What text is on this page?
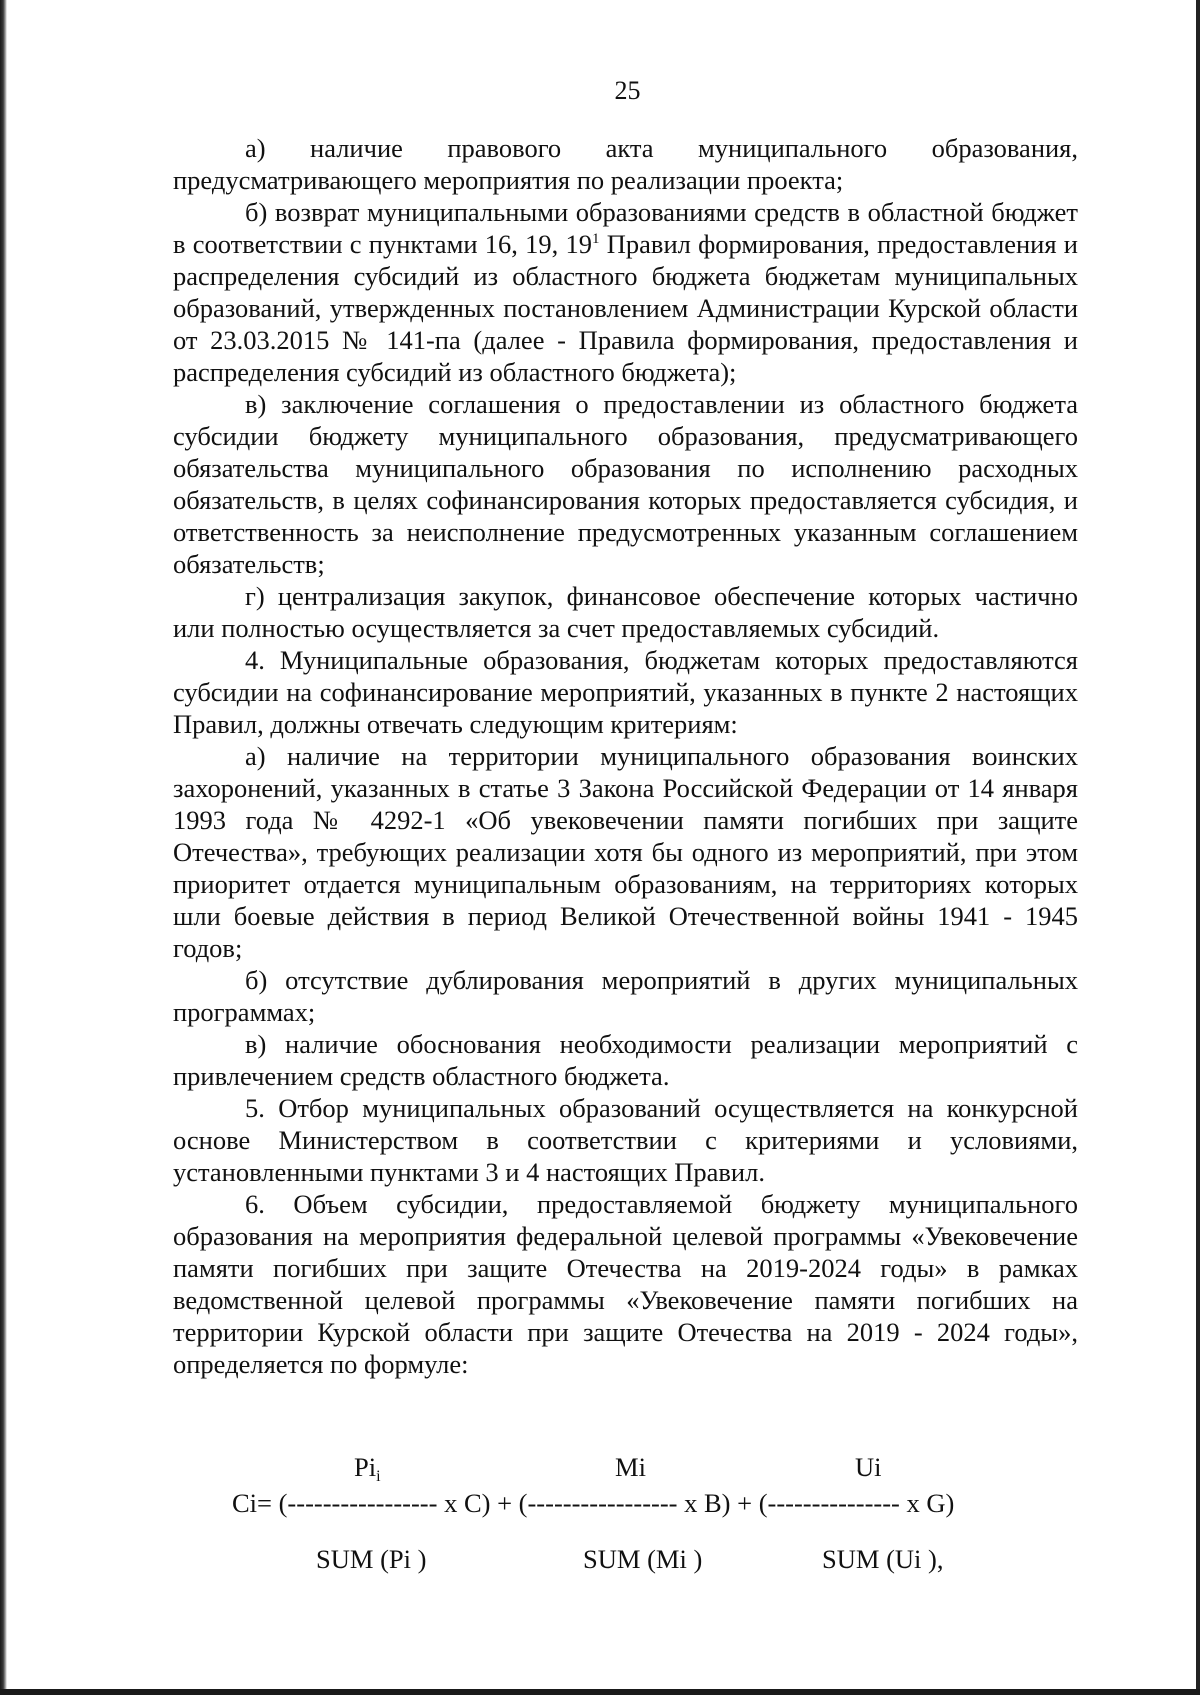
25

а) наличие правового акта муниципального образования, предусматривающего мероприятия по реализации проекта;

б) возврат муниципальными образованиями средств в областной бюджет в соответствии с пунктами 16, 19, $19^1$ Правил формирования, предоставления и распределения субсидий из областного бюджета бюджетам муниципальных образований, утвержденных постановлением Администрации Курской области от 23.03.2015 № 141-па (далее - Правила формирования, предоставления и распределения субсидий из областного бюджета);

в) заключение соглашения о предоставлении из областного бюджета субсидии бюджету муниципального образования, предусматривающего обязательства муниципального образования по исполнению расходных обязательств, в целях софинансирования которых предоставляется субсидия, и ответственность за неисполнение предусмотренных указанным соглашением обязательств;

г) централизация закупок, финансовое обеспечение которых частично или полностью осуществляется за счет предоставляемых субсидий.

4. Муниципальные образования, бюджетам которых предоставляются субсидии на софинансирование мероприятий, указанных в пункте 2 настоящих Правил, должны отвечать следующим критериям:

а) наличие на территории муниципального образования воинских захоронений, указанных в статье 3 Закона Российской Федерации от 14 января 1993 года № 4292-1 «Об увековечении памяти погибших при защите Отечества», требующих реализации хотя бы одного из мероприятий, при этом приоритет отдается муниципальным образованиям, на территориях которых шли боевые действия в период Великой Отечественной войны 1941 - 1945 годов;

б) отсутствие дублирования мероприятий в других муниципальных программах;

в) наличие обоснования необходимости реализации мероприятий с привлечением средств областного бюджета.

5. Отбор муниципальных образований осуществляется на конкурсной основе Министерством в соответствии с критериями и условиями, установленными пунктами 3 и 4 настоящих Правил.

6. Объем субсидии, предоставляемой бюджету муниципального образования на мероприятия федеральной целевой программы «Увековечение памяти погибших при защите Отечества на 2019-2024 годы» в рамках ведомственной целевой программы «Увековечение памяти погибших на территории Курской области при защите Отечества на 2019 - 2024 годы», определяется по формуле:

$Pi_i$	Mi	Ui
Ci= (----------------- x C) + (----------------- x B) + (--------------- x G)
SUM (Pi )	SUM (Mi )	SUM (Ui ),
